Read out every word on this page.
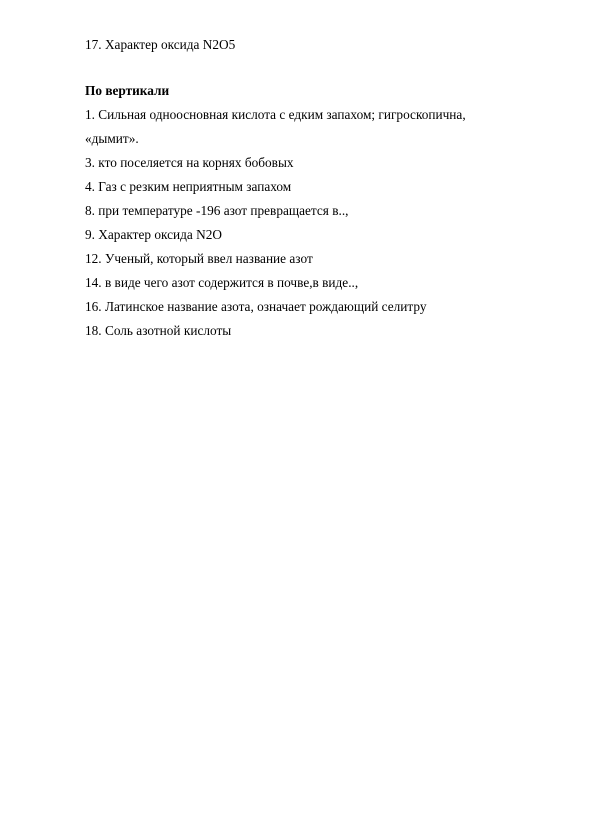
17. Характер оксида N2O5
По вертикали
1. Сильная одноосновная кислота с едким запахом; гигроскопична,
«дымит».
3. кто поселяется на корнях бобовых
4. Газ с резким неприятным запахом
8. при температуре -196 азот превращается в..,
9. Характер оксида N2O
12. Ученый, который ввел название азот
14. в виде чего азот содержится в почве,в виде..,
16. Латинское название азота, означает рождающий селитру
18. Соль азотной кислоты
